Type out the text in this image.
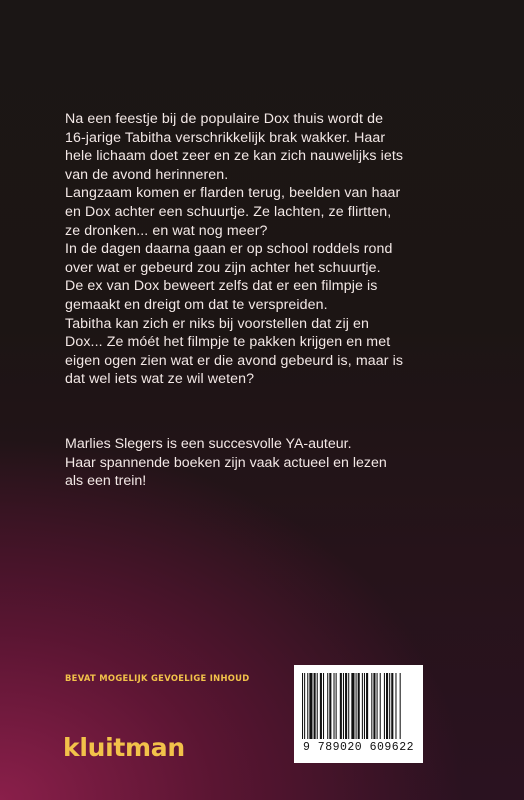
Na een feestje bij de populaire Dox thuis wordt de

16-jarige Tabitha verschrikkelijk brak wakker. Haar

hele lichaam doet zeer en ze kan zich nauwelijks iets

van de avond herinneren.

Langzaam komen er flarden terug, beelden van haar

en Dox achter een schuurtje. Ze lachten, ze flirtten,

ze dronken... en wat nog meer?

In de dagen daarna gaan er op school roddels rond

over wat er gebeurd zou zijn achter het schuurtje.

De ex van Dox beweert zelfs dat er een filmpje is

gemaakt en dreigt om dat te verspreiden.

Tabitha kan zich er niks bij voorstellen dat zij en

Dox... Ze móét het filmpje te pakken krijgen en met

eigen ogen zien wat er die avond gebeurd is, maar is

dat wel iets wat ze wil weten?

Marlies Slegers is een succesvolle YA-auteur.

Haar spannende boeken zijn vaak actueel en lezen

als een trein!

BEVAT MOGELIJK GEVOELIGE INHOUD
kluitman	9 789020 609622
